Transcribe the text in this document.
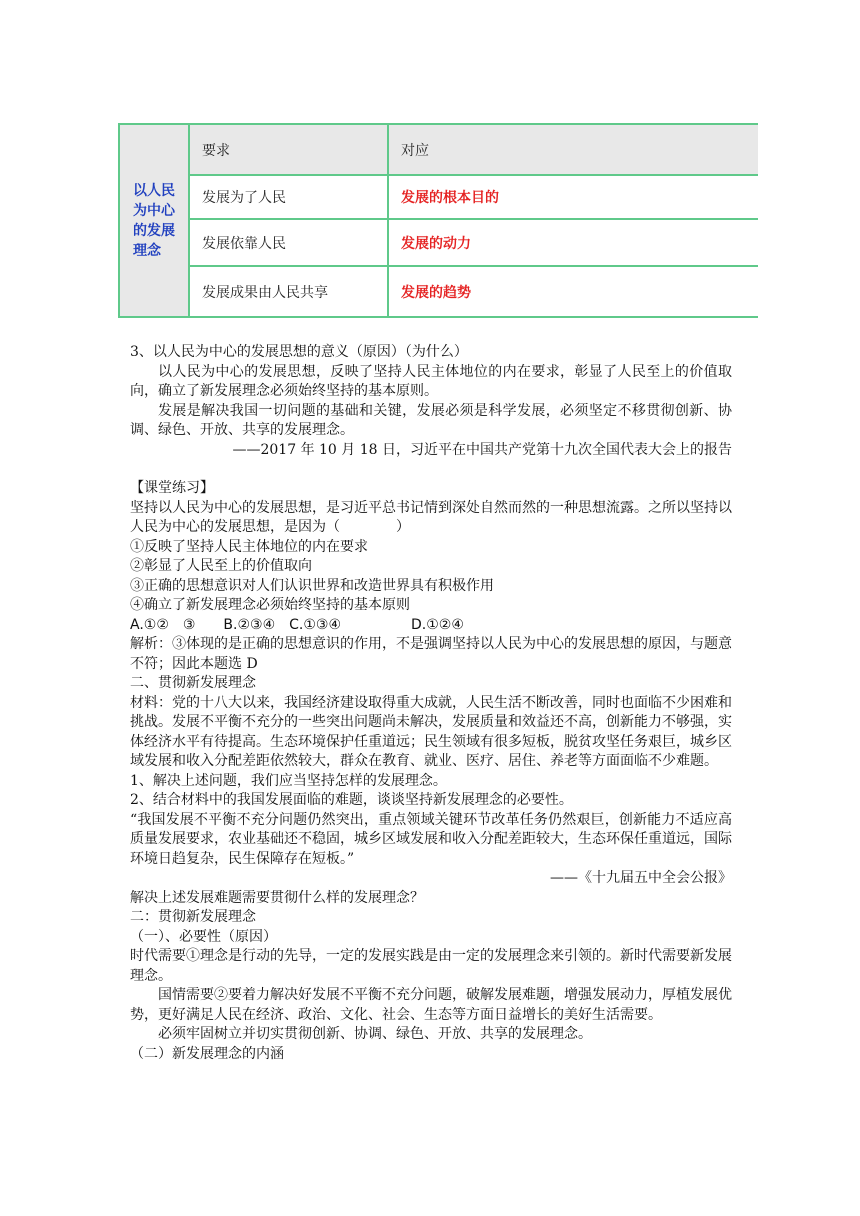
以人民为中心的发展理念	要求	对应
	发展为了人民	发展的根本目的
	发展依靠人民	发展的动力
	发展成果由人民共享	发展的趋势

3、以人民为中心的发展思想的意义（原因）（为什么）

以人民为中心的发展思想，反映了坚持人民主体地位的内在要求，彰显了人民至上的价值取向，确立了新发展理念必须始终坚持的基本原则。

发展是解决我国一切问题的基础和关键，发展必须是科学发展，必须坚定不移贯彻创新、协调、绿色、开放、共享的发展理念。

——2017 年 10 月 18 日，习近平在中国共产党第十九次全国代表大会上的报告

【课堂练习】

坚持以人民为中心的发展思想，是习近平总书记情到深处自然而然的一种思想流露。之所以坚持以人民为中心的发展思想，是因为（　　　　）

①反映了坚持人民主体地位的内在要求

②彰显了人民至上的价值取向

③正确的思想意识对人们认识世界和改造世界具有积极作用

④确立了新发展理念必须始终坚持的基本原则

A.①②　③　　B.②③④　C.①③④　　　　　D.①②④

解析：③体现的是正确的思想意识的作用，不是强调坚持以人民为中心的发展思想的原因，与题意不符；因此本题选 D

二、贯彻新发展理念

材料：党的十八大以来，我国经济建设取得重大成就，人民生活不断改善，同时也面临不少困难和挑战。发展不平衡不充分的一些突出问题尚未解决，发展质量和效益还不高，创新能力不够强，实体经济水平有待提高。生态环境保护任重道远；民生领域有很多短板，脱贫攻坚任务艰巨，城乡区域发展和收入分配差距依然较大，群众在教育、就业、医疗、居住、养老等方面面临不少难题。

1、解决上述问题，我们应当坚持怎样的发展理念。

2、结合材料中的我国发展面临的难题，谈谈坚持新发展理念的必要性。

“我国发展不平衡不充分问题仍然突出，重点领域关键环节改革任务仍然艰巨，创新能力不适应高质量发展要求，农业基础还不稳固，城乡区域发展和收入分配差距较大，生态环保任重道远，国际环境日趋复杂，民生保障存在短板。”

——《十九届五中全会公报》

解决上述发展难题需要贯彻什么样的发展理念？

二：贯彻新发展理念

（一）、必要性（原因）

时代需要①理念是行动的先导，一定的发展实践是由一定的发展理念来引领的。新时代需要新发展理念。

国情需要②要着力解决好发展不平衡不充分问题，破解发展难题，增强发展动力，厚植发展优势，更好满足人民在经济、政治、文化、社会、生态等方面日益增长的美好生活需要。

必须牢固树立并切实贯彻创新、协调、绿色、开放、共享的发展理念。

（二）新发展理念的内涵
